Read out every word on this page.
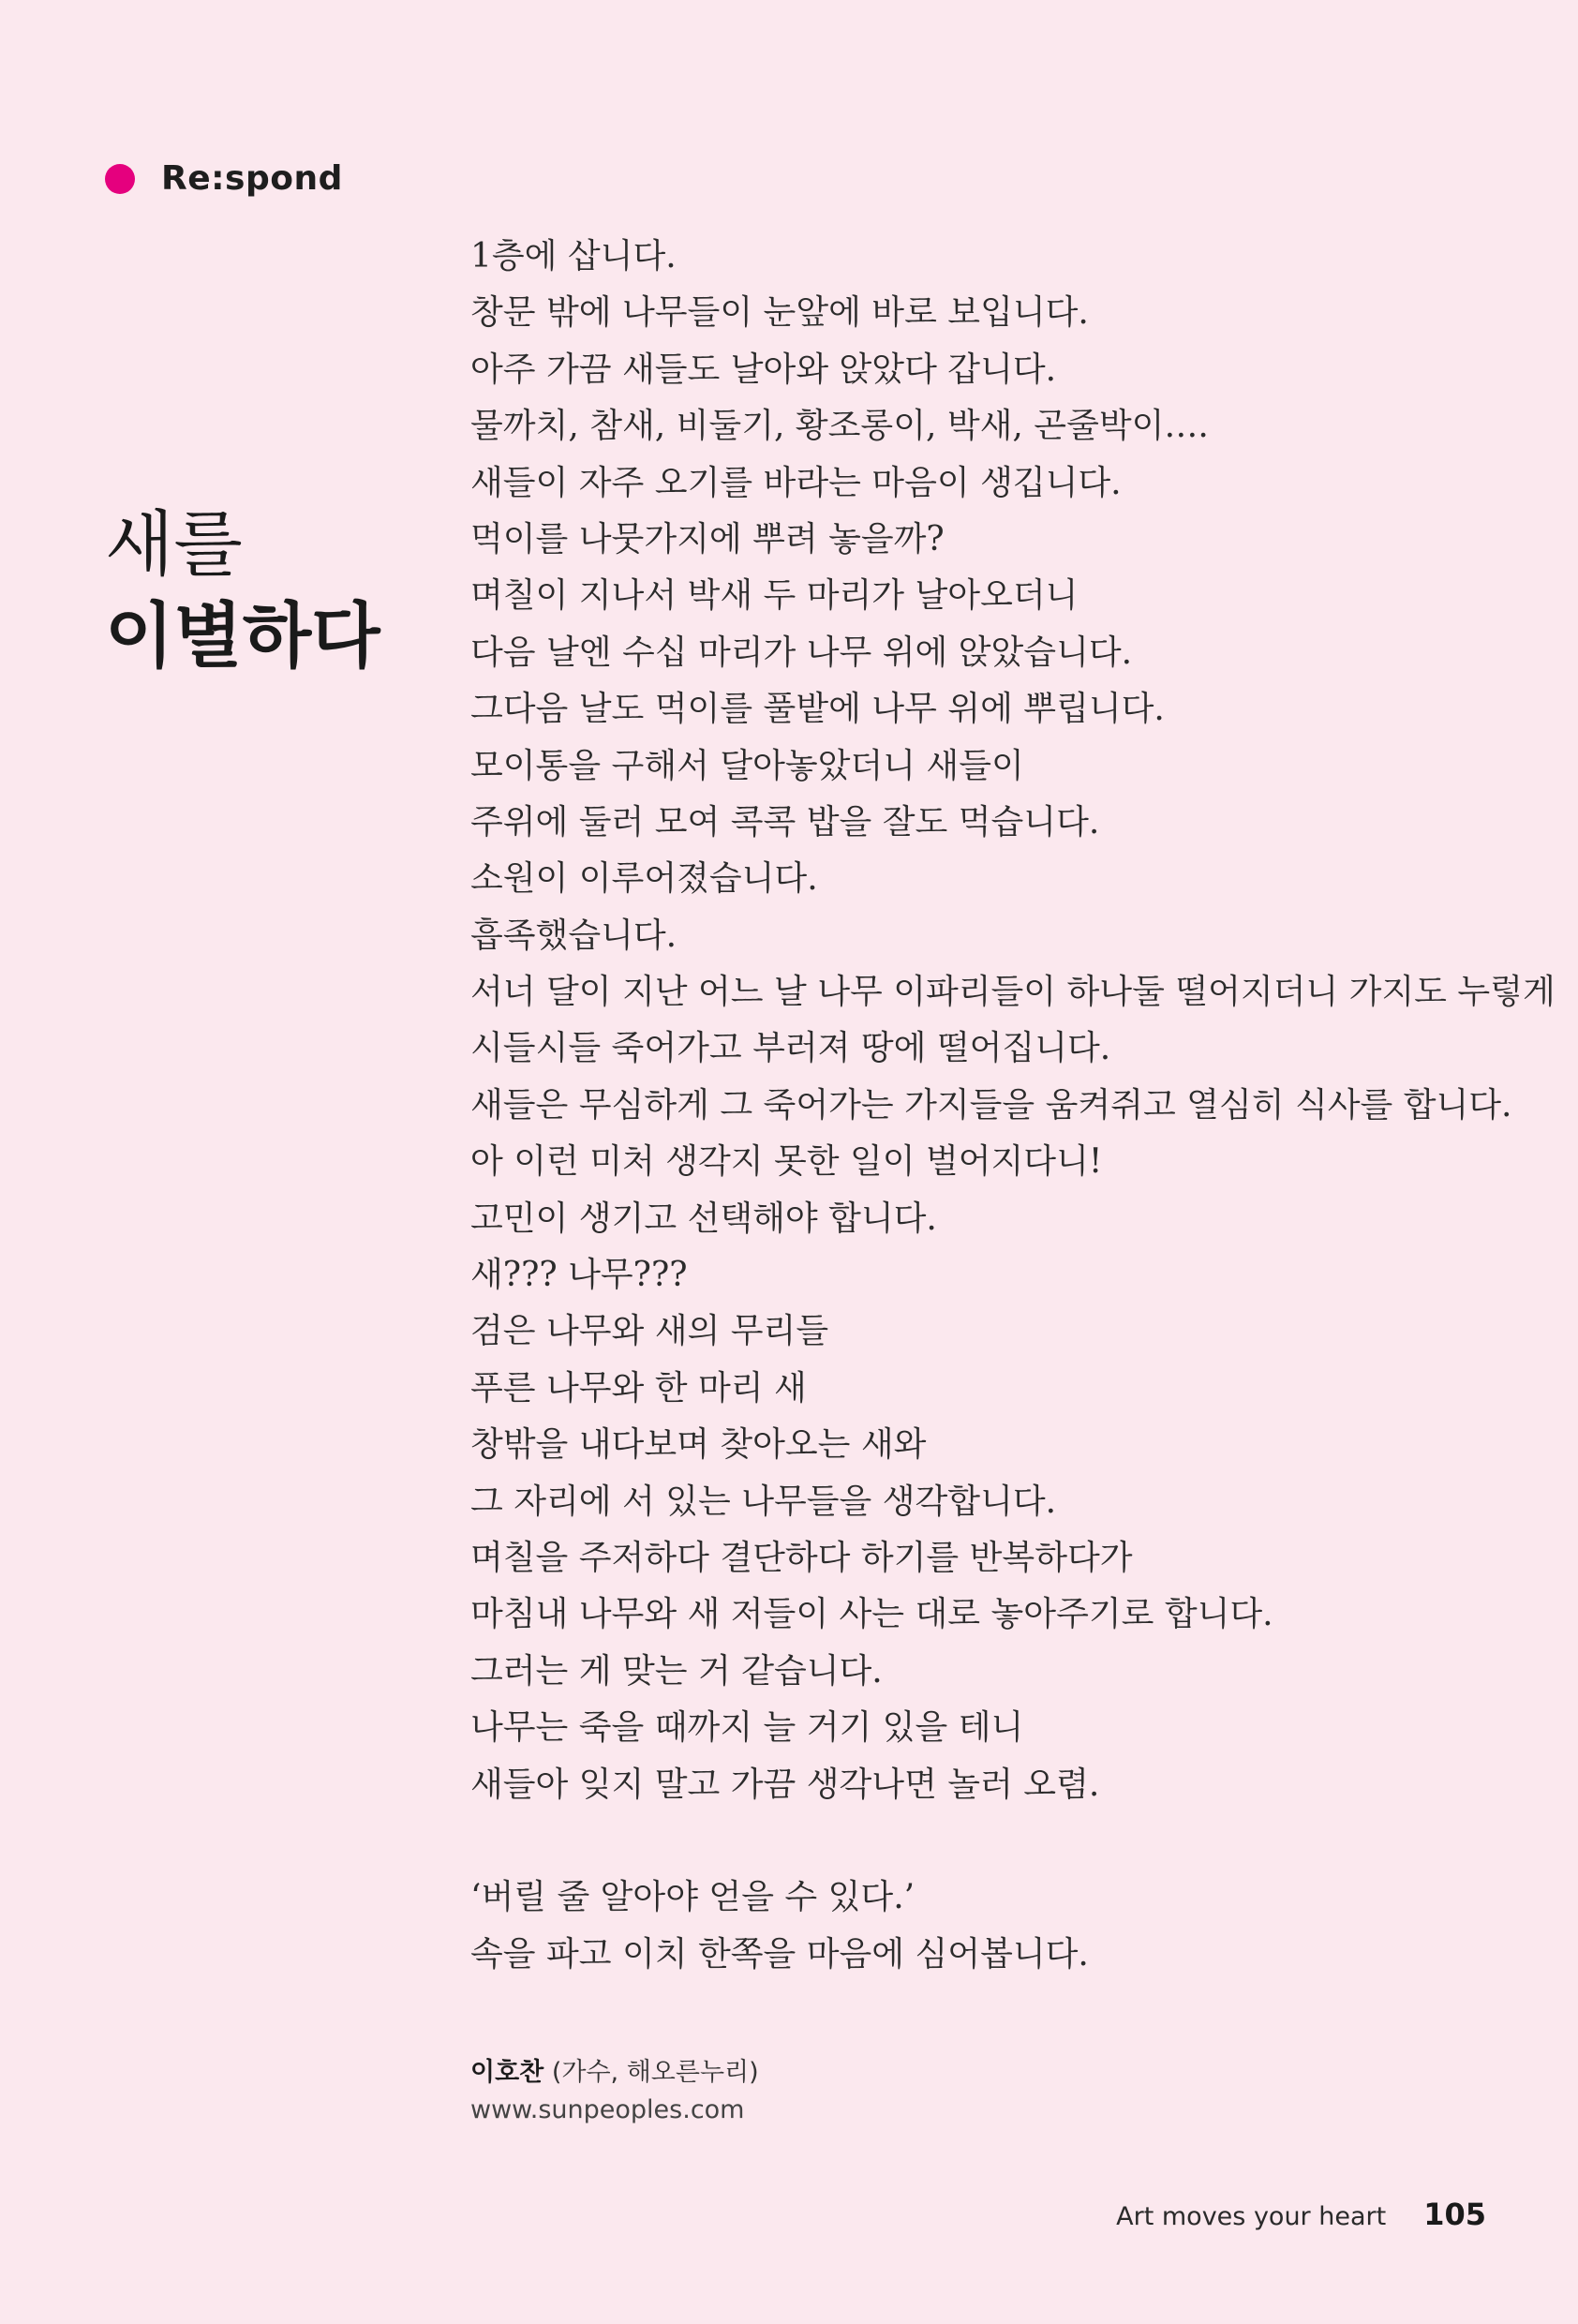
Re:spond
새를
이별하다
1층에 삽니다.
창문 밖에 나무들이 눈앞에 바로 보입니다.
아주 가끔 새들도 날아와 앉았다 갑니다.
물까치, 참새, 비둘기, 황조롱이, 박새, 곤줄박이….
새들이 자주 오기를 바라는 마음이 생깁니다.
먹이를 나뭇가지에 뿌려 놓을까?
며칠이 지나서 박새 두 마리가 날아오더니
다음 날엔 수십 마리가 나무 위에 앉았습니다.
그다음 날도 먹이를 풀밭에 나무 위에 뿌립니다.
모이통을 구해서 달아놓았더니 새들이
주위에 둘러 모여 콕콕 밥을 잘도 먹습니다.
소원이 이루어졌습니다.
흡족했습니다.
서너 달이 지난 어느 날 나무 이파리들이 하나둘 떨어지더니 가지도 누렇게
시들시들 죽어가고 부러져 땅에 떨어집니다.
새들은 무심하게 그 죽어가는 가지들을 움켜쥐고 열심히 식사를 합니다.
아 이런 미처 생각지 못한 일이 벌어지다니!
고민이 생기고 선택해야 합니다.
새??? 나무???
검은 나무와 새의 무리들
푸른 나무와 한 마리 새
창밖을 내다보며 찾아오는 새와
그 자리에 서 있는 나무들을 생각합니다.
며칠을 주저하다 결단하다 하기를 반복하다가
마침내 나무와 새 저들이 사는 대로 놓아주기로 합니다.
그러는 게 맞는 거 같습니다.
나무는 죽을 때까지 늘 거기 있을 테니
새들아 잊지 말고 가끔 생각나면 놀러 오렴.
‘버릴 줄 알아야 얻을 수 있다.’
속을 파고 이치 한쪽을 마음에 심어봅니다.
이호찬 (가수, 해오른누리)
www.sunpeoples.com
Art moves your heart 105
